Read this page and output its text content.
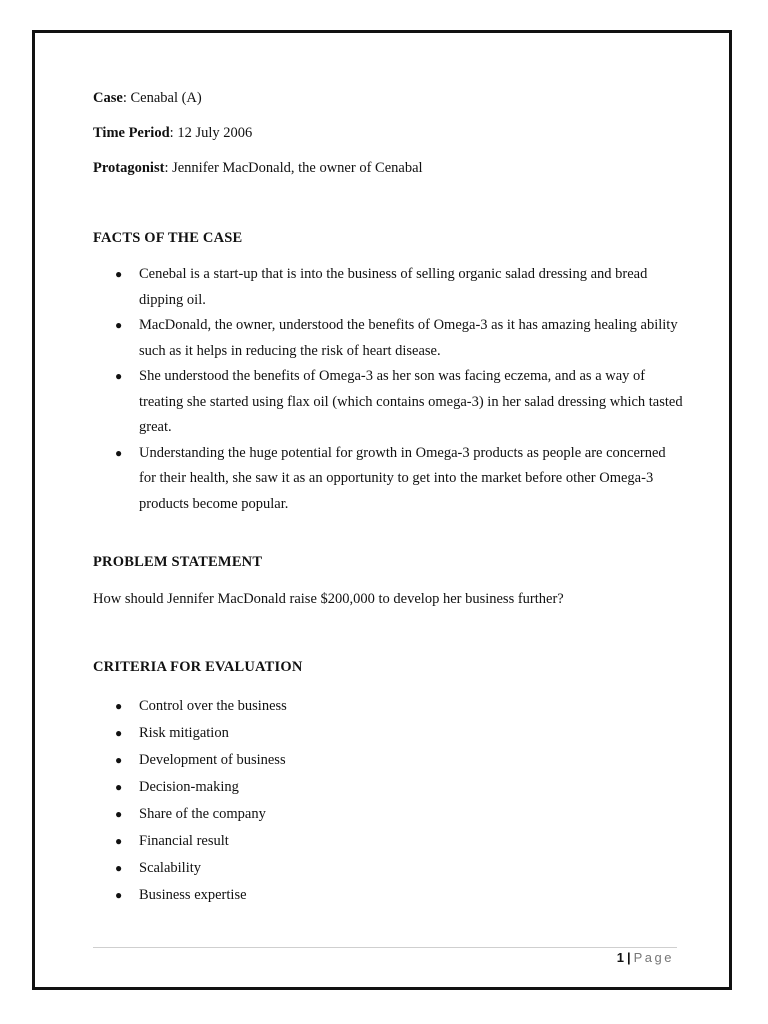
Case: Cenabal (A)
Time Period: 12 July 2006
Protagonist: Jennifer MacDonald, the owner of Cenabal
FACTS OF THE CASE
● Cenebal is a start-up that is into the business of selling organic salad dressing and bread dipping oil.
● MacDonald, the owner, understood the benefits of Omega-3 as it has amazing healing ability such as it helps in reducing the risk of heart disease.
● She understood the benefits of Omega-3 as her son was facing eczema, and as a way of treating she started using flax oil (which contains omega-3) in her salad dressing which tasted great.
● Understanding the huge potential for growth in Omega-3 products as people are concerned for their health, she saw it as an opportunity to get into the market before other Omega-3 products become popular.
PROBLEM STATEMENT
How should Jennifer MacDonald raise $200,000 to develop her business further?
CRITERIA FOR EVALUATION
● Control over the business
● Risk mitigation
● Development of business
● Decision-making
● Share of the company
● Financial result
● Scalability
● Business expertise
1 | Page
